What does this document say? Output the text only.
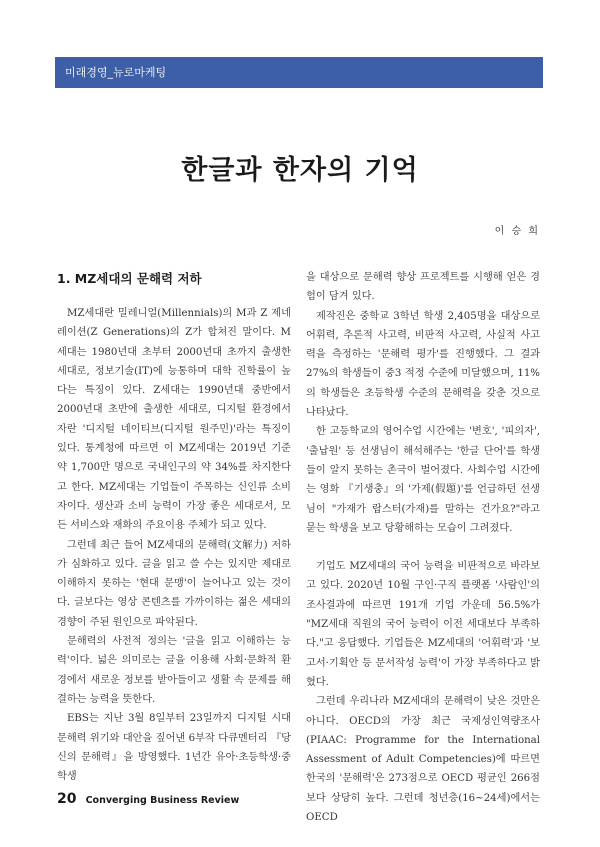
미래경영_뉴로마케팅
한글과 한자의 기억
이 승 희
1. MZ세대의 문해력 저하

MZ세대란 밀레니얼(Millennials)의 M과 Z 제네레이션(Z Generations)의 Z가 합쳐진 말이다. M 세대는 1980년대 초부터 2000년대 초까지 출생한 세대로, 정보기술(IT)에 능통하며 대학 진학률이 높다는 특징이 있다. Z세대는 1990년대 중반에서 2000년대 초반에 출생한 세대로, 디지털 환경에서 자란 '디지털 네이티브(디지털 원주민)'라는 특징이 있다. 통계청에 따르면 이 MZ세대는 2019년 기준 약 1,700만 명으로 국내인구의 약 34%를 차지한다고 한다. MZ세대는 기업들이 주목하는 신인류 소비자이다. 생산과 소비 능력이 가장 좋은 세대로서, 모든 서비스와 재화의 주요이용 주체가 되고 있다.

그런데 최근 들어 MZ세대의 문해력(文解力) 저하가 심화하고 있다. 글을 읽고 쓸 수는 있지만 제대로 이해하지 못하는 '현대 문맹'이 늘어나고 있는 것이다. 글보다는 영상 콘텐츠를 가까이하는 젊은 세대의 경향이 주된 원인으로 파악된다.

문해력의 사전적 정의는 '글을 읽고 이해하는 능력'이다. 넓은 의미로는 글을 이용해 사회·문화적 환경에서 새로운 정보를 받아들이고 생활 속 문제를 해결하는 능력을 뜻한다.

EBS는 지난 3월 8일부터 23일까지 디지털 시대 문해력 위기와 대안을 짚어낸 6부작 다큐멘터리 『당신의 문해력』을 방영했다. 1년간 유아·초등학생·중학생

을 대상으로 문해력 향상 프로젝트를 시행해 얻은 경험이 담겨 있다.

제작진은 중학교 3학년 학생 2,405명을 대상으로 어휘력, 추론적 사고력, 비판적 사고력, 사실적 사고력을 측정하는 '문해력 평가'를 진행했다. 그 결과 27%의 학생들이 중3 적정 수준에 미달했으며, 11%의 학생들은 초등학생 수준의 문해력을 갖춘 것으로 나타났다.

한 고등학교의 영어수업 시간에는 '변호', '피의자', '출납원' 등 선생님이 해석해주는 '한글 단어'를 학생들이 알지 못하는 촌극이 벌어졌다. 사회수업 시간에는 영화 『기생충』의 '가제(假題)'를 언급하던 선생님이 "가재가 랍스터(가재)를 말하는 건가요?"라고 묻는 학생을 보고 당황해하는 모습이 그려졌다.

기업도 MZ세대의 국어 능력을 비판적으로 바라보고 있다. 2020년 10월 구인·구직 플랫폼 '사람인'의 조사결과에 따르면 191개 기업 가운데 56.5%가 "MZ세대 직원의 국어 능력이 이전 세대보다 부족하다."고 응답했다. 기업들은 MZ세대의 '어휘력'과 '보고서·기획안 등 문서작성 능력'이 가장 부족하다고 밝혔다.

그런데 우리나라 MZ세대의 문해력이 낮은 것만은 아니다. OECD의 가장 최근 국제성인역량조사(PIAAC: Programme for the International Assessment of Adult Competencies)에 따르면 한국의 '문해력'은 273점으로 OECD 평균인 266점보다 상당히 높다. 그런데 청년층(16~24세)에서는 OECD

20 Converging Business Review
